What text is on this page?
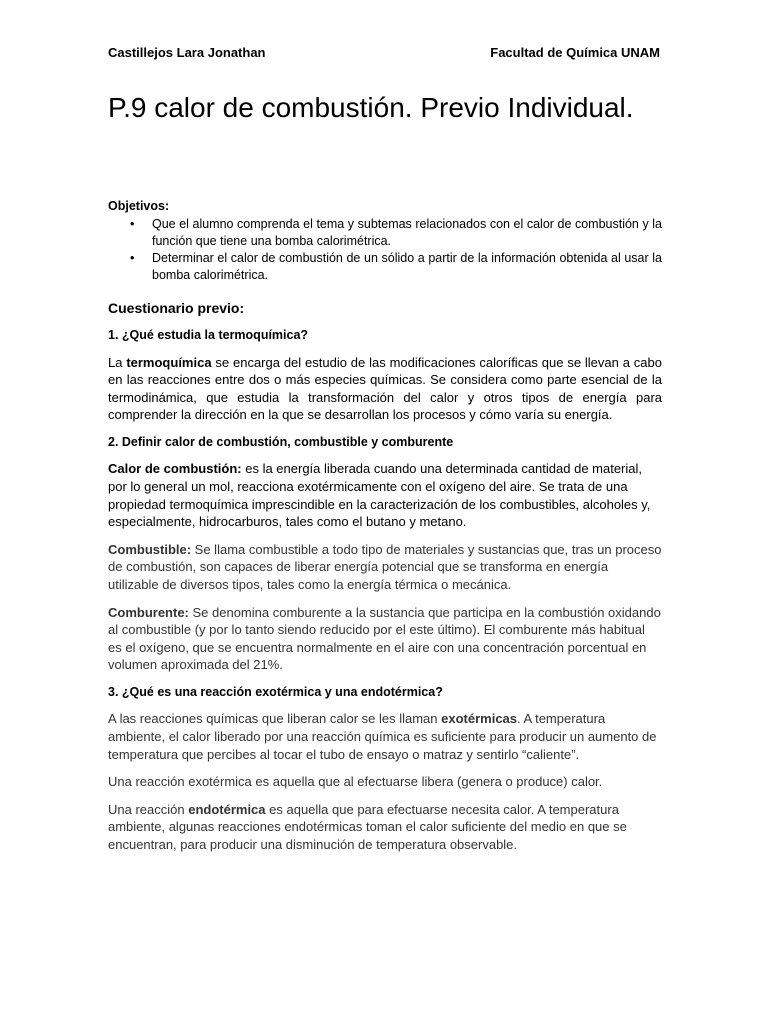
Castillejos Lara Jonathan	Facultad de Química UNAM
P.9 calor de combustión. Previo Individual.
Objetivos:
• Que el alumno comprenda el tema y subtemas relacionados con el calor de combustión y la función que tiene una bomba calorimétrica.
• Determinar el calor de combustión de un sólido a partir de la información obtenida al usar la bomba calorimétrica.
Cuestionario previo:
1. ¿Qué estudia la termoquímica?

La termoquímica se encarga del estudio de las modificaciones caloríficas que se llevan a cabo en las reacciones entre dos o más especies químicas. Se considera como parte esencial de la termodinámica, que estudia la transformación del calor y otros tipos de energía para comprender la dirección en la que se desarrollan los procesos y cómo varía su energía.

2. Definir calor de combustión, combustible y comburente

Calor de combustión: es la energía liberada cuando una determinada cantidad de material, por lo general un mol, reacciona exotérmicamente con el oxígeno del aire. Se trata de una propiedad termoquímica imprescindible en la caracterización de los combustibles, alcoholes y, especialmente, hidrocarburos, tales como el butano y metano.

Combustible: Se llama combustible a todo tipo de materiales y sustancias que, tras un proceso de combustión, son capaces de liberar energía potencial que se transforma en energía utilizable de diversos tipos, tales como la energía térmica o mecánica.

Comburente: Se denomina comburente a la sustancia que participa en la combustión oxidando al combustible (y por lo tanto siendo reducido por el este último). El comburente más habitual es el oxígeno, que se encuentra normalmente en el aire con una concentración porcentual en volumen aproximada del 21%.

3. ¿Qué es una reacción exotérmica y una endotérmica?

A las reacciones químicas que liberan calor se les llaman exotérmicas. A temperatura ambiente, el calor liberado por una reacción química es suficiente para producir un aumento de temperatura que percibes al tocar el tubo de ensayo o matraz y sentirlo “caliente”.

Una reacción exotérmica es aquella que al efectuarse libera (genera o produce) calor.

Una reacción endotérmica es aquella que para efectuarse necesita calor. A temperatura ambiente, algunas reacciones endotérmicas toman el calor suficiente del medio en que se encuentran, para producir una disminución de temperatura observable.
